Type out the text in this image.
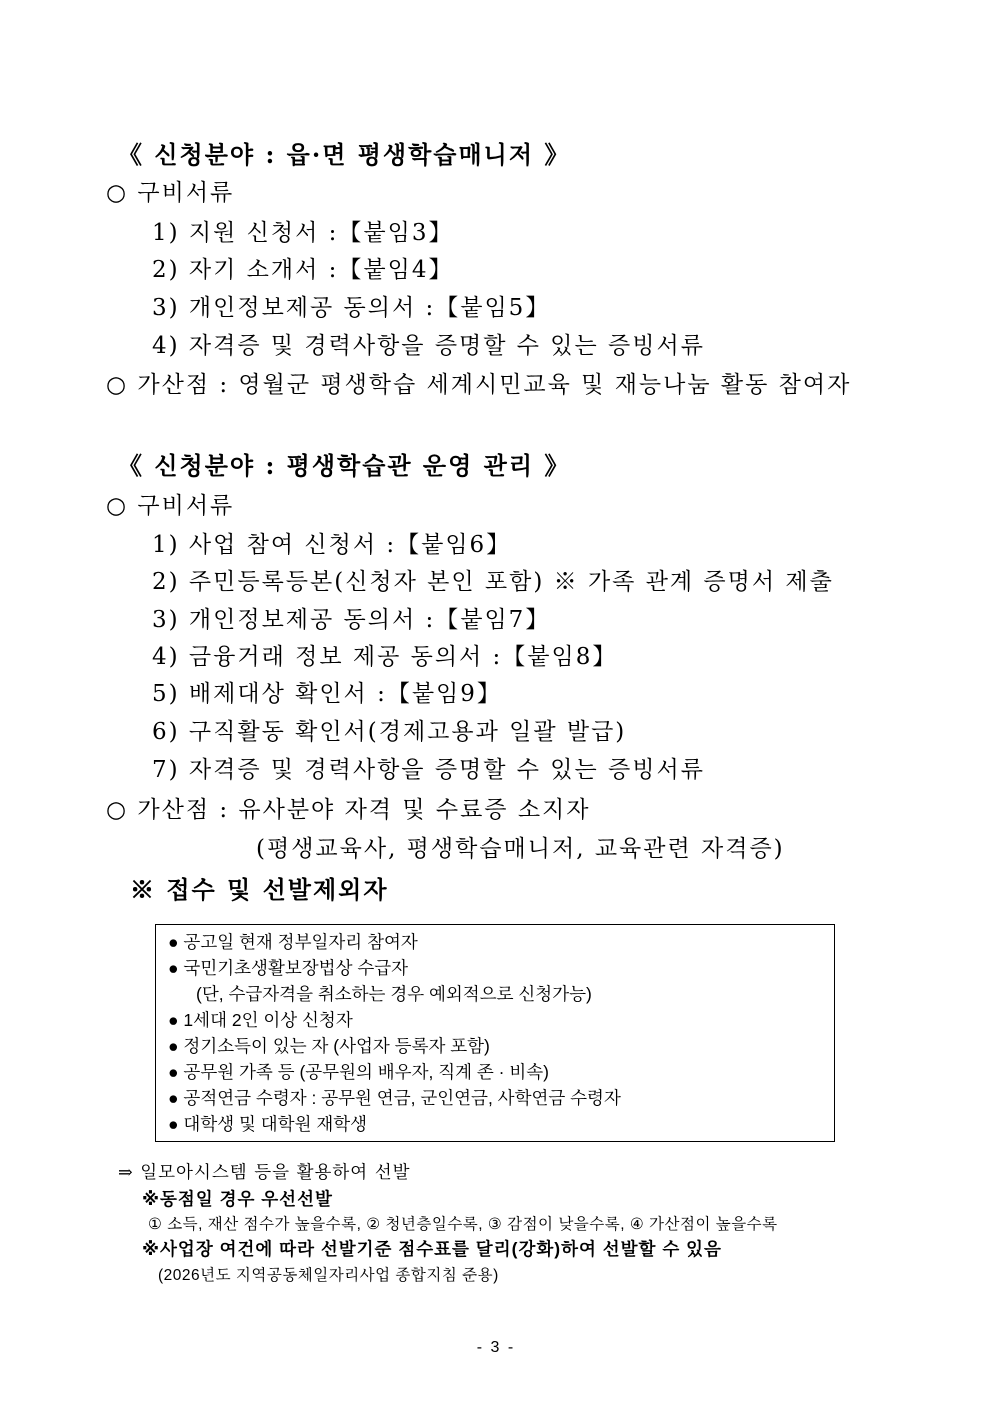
《 신청분야 : 읍·면 평생학습매니저 》
○ 구비서류
1) 지원 신청서 :【붙임3】
2) 자기 소개서 :【붙임4】
3) 개인정보제공 동의서 :【붙임5】
4) 자격증 및 경력사항을 증명할 수 있는 증빙서류
○ 가산점 : 영월군 평생학습 세계시민교육 및 재능나눔 활동 참여자
《 신청분야 : 평생학습관 운영 관리 》
○ 구비서류
1) 사업 참여 신청서 :【붙임6】
2) 주민등록등본(신청자 본인 포함) ※ 가족 관계 증명서 제출
3) 개인정보제공 동의서 :【붙임7】
4) 금융거래 정보 제공 동의서 :【붙임8】
5) 배제대상 확인서 :【붙임9】
6) 구직활동 확인서(경제고용과 일괄 발급)
7) 자격증 및 경력사항을 증명할 수 있는 증빙서류
○ 가산점 : 유사분야 자격 및 수료증 소지자
(평생교육사, 평생학습매니저, 교육관련 자격증)
※ 접수 및 선발제외자
● 공고일 현재 정부일자리 참여자
● 국민기초생활보장법상 수급자
(단, 수급자격을 취소하는 경우 예외적으로 신청가능)
● 1세대 2인 이상 신청자
● 정기소득이 있는 자 (사업자 등록자 포함)
● 공무원 가족 등 (공무원의 배우자, 직계 존 · 비속)
● 공적연금 수령자 : 공무원 연금, 군인연금, 사학연금 수령자
● 대학생 및 대학원 재학생
⇒ 일모아시스템 등을 활용하여 선발
※동점일 경우 우선선발
① 소득, 재산 점수가 높을수록, ② 청년층일수록, ③ 감점이 낮을수록, ④ 가산점이 높을수록
※사업장 여건에 따라 선발기준 점수표를 달리(강화)하여 선발할 수 있음
(2026년도 지역공동체일자리사업 종합지침 준용)
- 3 -
